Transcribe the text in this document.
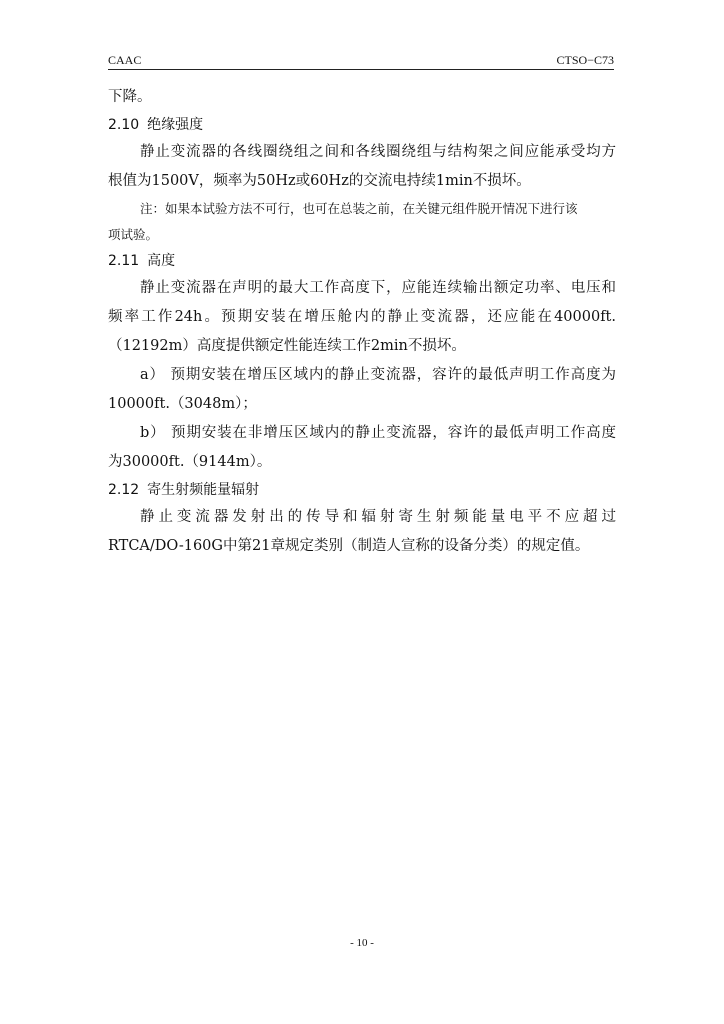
CAAC	CTSO−C73
下降。
2.10 绝缘强度
静止变流器的各线圈绕组之间和各线圈绕组与结构架之间应能承受均方
根值为1500V，频率为50Hz或60Hz的交流电持续1min不损坏。
注：如果本试验方法不可行，也可在总装之前，在关键元组件脱开情况下进行该
项试验。
2.11 高度
静止变流器在声明的最大工作高度下，应能连续输出额定功率、电压和
频率工作24h。预期安装在增压舱内的静止变流器，还应能在40000ft.
（12192m）高度提供额定性能连续工作2min不损坏。
a） 预期安装在增压区域内的静止变流器，容许的最低声明工作高度为
10000ft.（3048m）；
b） 预期安装在非增压区域内的静止变流器，容许的最低声明工作高度
为30000ft.（9144m）。
2.12 寄生射频能量辐射
静止变流器发射出的传导和辐射寄生射频能量电平不应超过
RTCA/DO-160G中第21章规定类别（制造人宣称的设备分类）的规定值。
- 10 -
